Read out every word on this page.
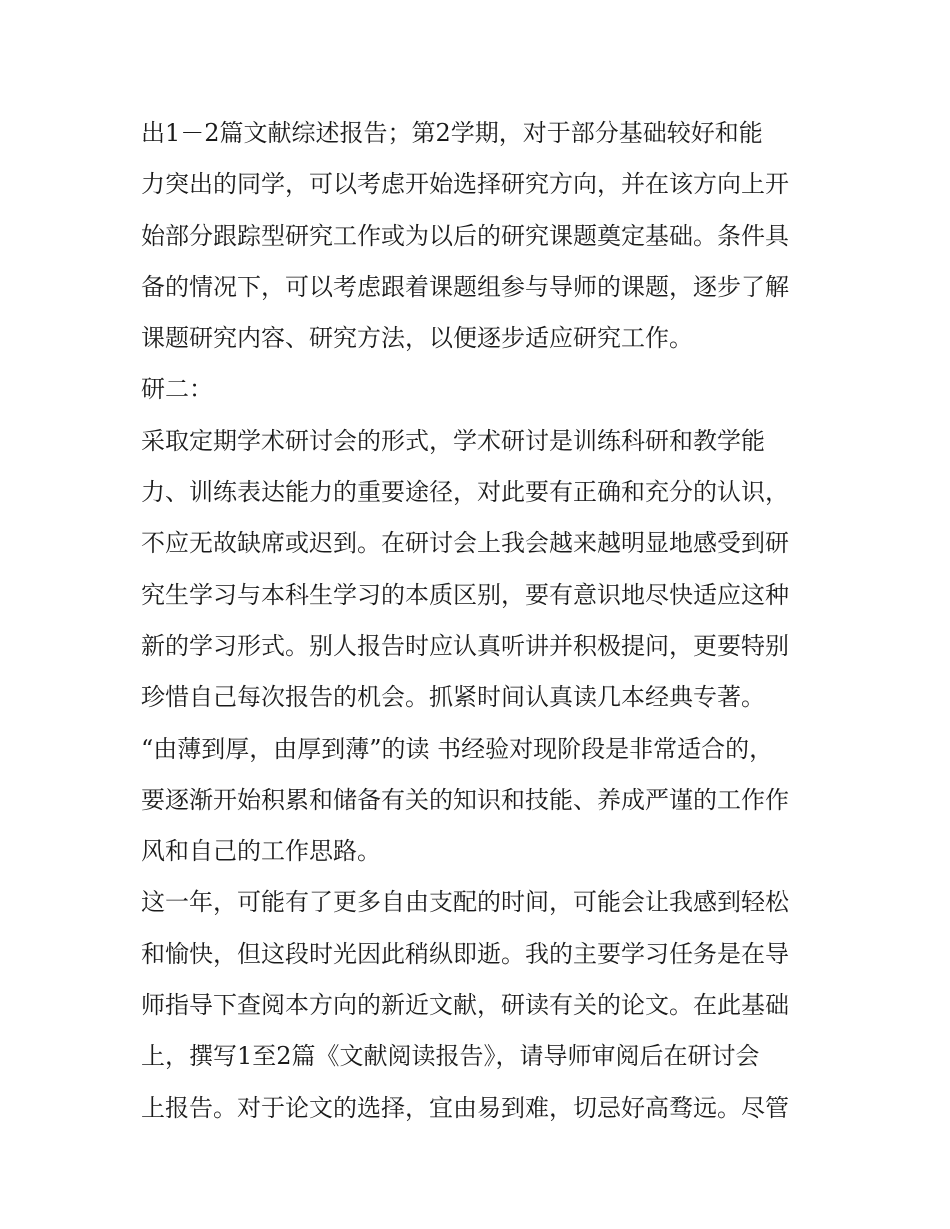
出1－2篇文献综述报告；第2学期，对于部分基础较好和能
力突出的同学，可以考虑开始选择研究方向，并在该方向上开
始部分跟踪型研究工作或为以后的研究课题奠定基础。条件具
备的情况下，可以考虑跟着课题组参与导师的课题，逐步了解
课题研究内容、研究方法，以便逐步适应研究工作。
研二：
采取定期学术研讨会的形式，学术研讨是训练科研和教学能
力、训练表达能力的重要途径，对此要有正确和充分的认识，
不应无故缺席或迟到。在研讨会上我会越来越明显地感受到研
究生学习与本科生学习的本质区别，要有意识地尽快适应这种
新的学习形式。别人报告时应认真听讲并积极提问，更要特别
珍惜自己每次报告的机会。抓紧时间认真读几本经典专著。
“由薄到厚，由厚到薄”的读 书经验对现阶段是非常适合的，
要逐渐开始积累和储备有关的知识和技能、养成严谨的工作作
风和自己的工作思路。
这一年，可能有了更多自由支配的时间，可能会让我感到轻松
和愉快，但这段时光因此稍纵即逝。我的主要学习任务是在导
师指导下查阅本方向的新近文献，研读有关的论文。在此基础
上，撰写1至2篇《文献阅读报告》，请导师审阅后在研讨会
上报告。对于论文的选择，宜由易到难，切忌好高骛远。尽管
